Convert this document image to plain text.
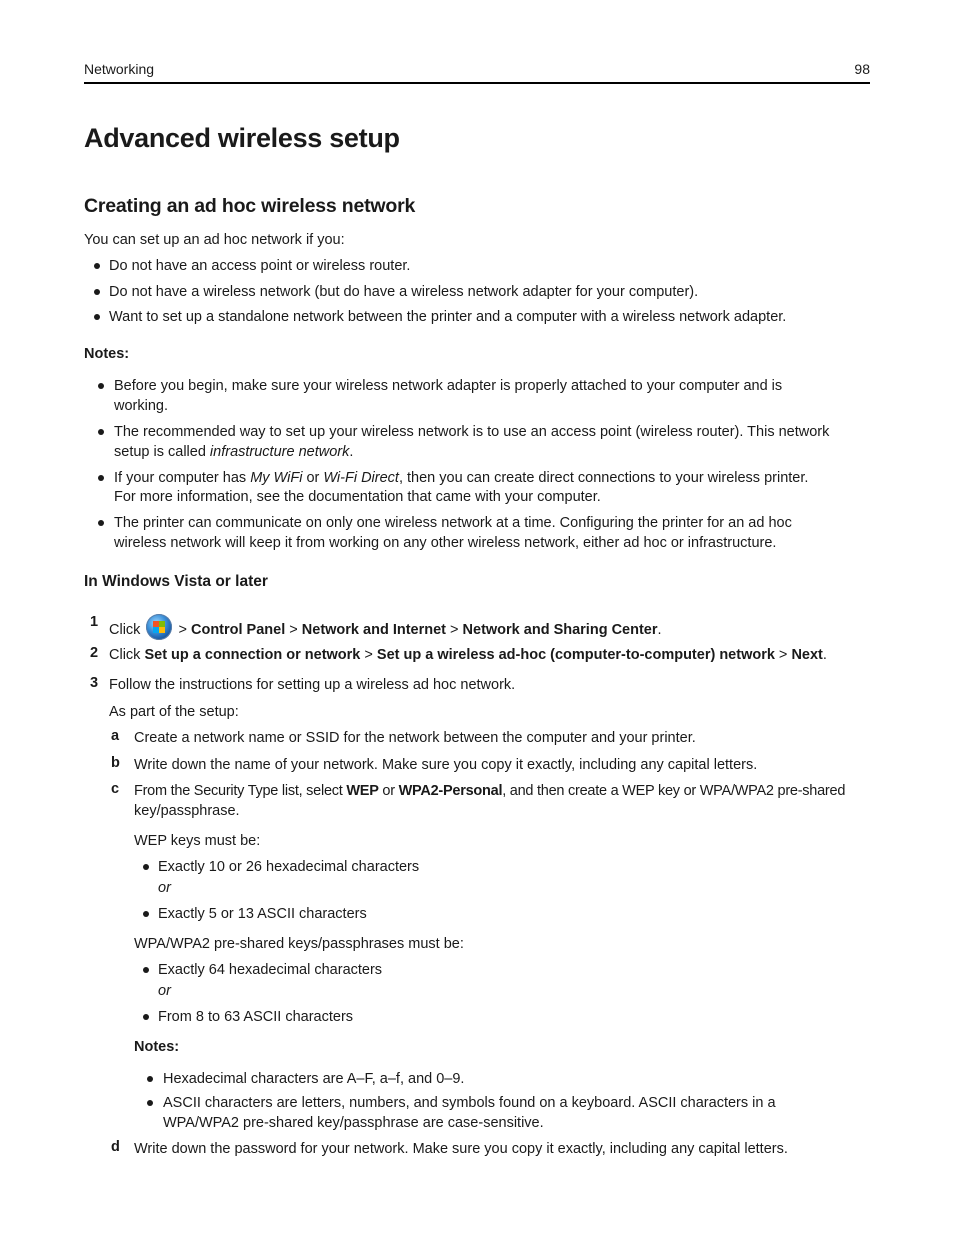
Networking	98
Advanced wireless setup
Creating an ad hoc wireless network
You can set up an ad hoc network if you:
Do not have an access point or wireless router.
Do not have a wireless network (but do have a wireless network adapter for your computer).
Want to set up a standalone network between the printer and a computer with a wireless network adapter.
Notes:
Before you begin, make sure your wireless network adapter is properly attached to your computer and is
working.
The recommended way to set up your wireless network is to use an access point (wireless router). This network
setup is called infrastructure network.
If your computer has My WiFi or Wi‑Fi Direct, then you can create direct connections to your wireless printer.
For more information, see the documentation that came with your computer.
The printer can communicate on only one wireless network at a time. Configuring the printer for an ad hoc
wireless network will keep it from working on any other wireless network, either ad hoc or infrastructure.
In Windows Vista or later
1 Click
> Control Panel > Network and Internet > Network and Sharing Center.
2 Click Set up a connection or network > Set up a wireless ad-hoc (computer-to-computer) network > Next.
3 Follow the instructions for setting up a wireless ad hoc network.
As part of the setup:
a Create a network name or SSID for the network between the computer and your printer.
b Write down the name of your network. Make sure you copy it exactly, including any capital letters.
c From the Security Type list, select WEP or WPA2-Personal, and then create a WEP key or WPA/WPA2 pre-shared
key/passphrase.
WEP keys must be:
Exactly 10 or 26 hexadecimal characters
or
Exactly 5 or 13 ASCII characters
WPA/WPA2 pre-shared keys/passphrases must be:
Exactly 64 hexadecimal characters
or
From 8 to 63 ASCII characters
Notes:
Hexadecimal characters are A–F, a–f, and 0–9.
ASCII characters are letters, numbers, and symbols found on a keyboard. ASCII characters in a
WPA/WPA2 pre-shared key/passphrase are case-sensitive.
d Write down the password for your network. Make sure you copy it exactly, including any capital letters.
